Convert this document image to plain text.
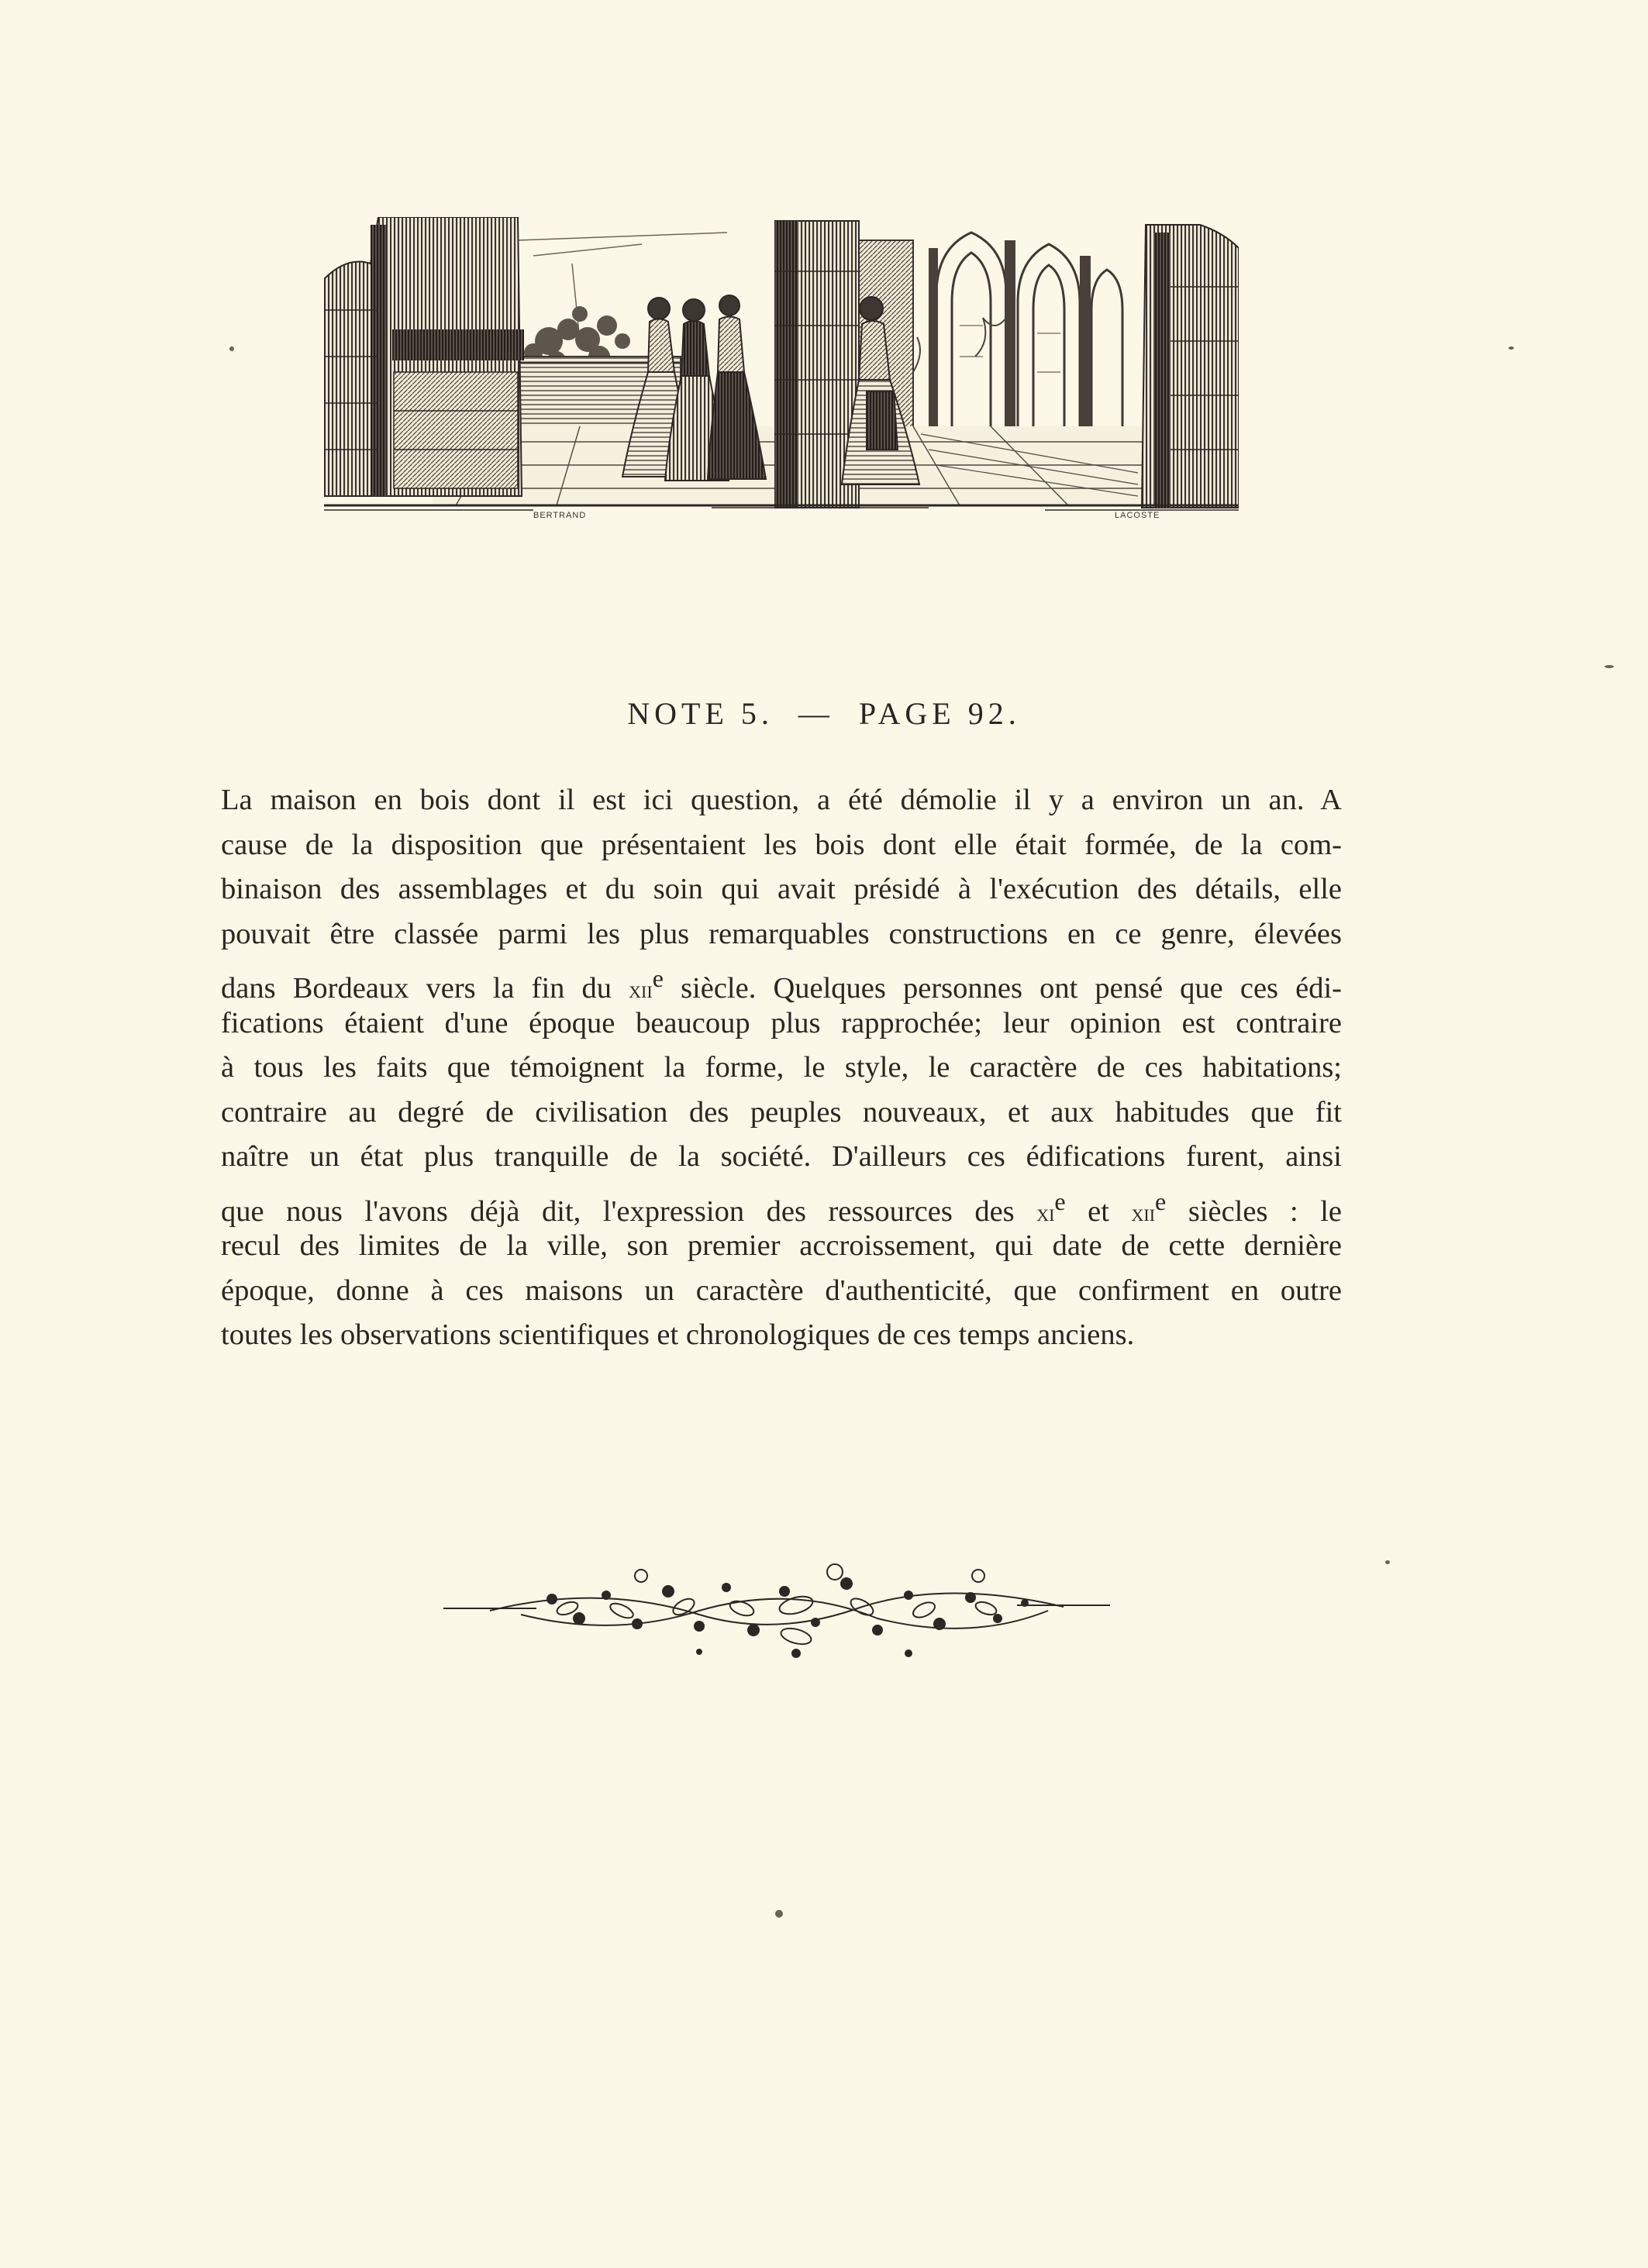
BERTRAND	LACOSTE
NOTE 5. — PAGE 92.
La maison en bois dont il est ici question, a été démolie il y a environ un an. A
cause de la disposition que présentaient les bois dont elle était formée, de la com-
binaison des assemblages et du soin qui avait présidé à l'exécution des détails, elle
pouvait être classée parmi les plus remarquables constructions en ce genre, élevées
dans Bordeaux vers la fin du xii$^e$ siècle. Quelques personnes ont pensé que ces édi-
fications étaient d'une époque beaucoup plus rapprochée; leur opinion est contraire
à tous les faits que témoignent la forme, le style, le caractère de ces habitations;
contraire au degré de civilisation des peuples nouveaux, et aux habitudes que fit
naître un état plus tranquille de la société. D'ailleurs ces édifications furent, ainsi
que nous l'avons déjà dit, l'expression des ressources des $xi^e$ et xii$^e$ siècles : le
recul des limites de la ville, son premier accroissement, qui date de cette dernière
époque, donne à ces maisons un caractère d'authenticité, que confirment en outre
toutes les observations scientifiques et chronologiques de ces temps anciens.
